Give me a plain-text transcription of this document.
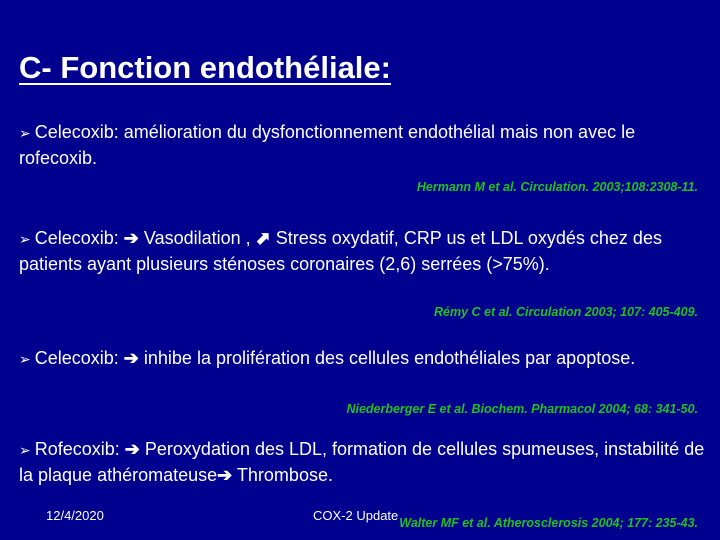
C- Fonction endothéliale:
➢ Celecoxib: amélioration du dysfonctionnement endothélial mais non avec le rofecoxib.
Hermann M et al. Circulation. 2003;108:2308-11.
➢ Celecoxib: ➔ Vasodilation , ⬈ Stress oxydatif, CRP us et LDL oxydés chez des patients ayant plusieurs sténoses coronaires (2,6) serrées (>75%).
Rémy C et al. Circulation 2003; 107: 405-409.
➢ Celecoxib: ➔ inhibe la prolifération des cellules endothéliales par apoptose.
Niederberger E et al. Biochem. Pharmacol 2004; 68: 341-50.
➢ Rofecoxib: ➔ Peroxydation des LDL, formation de cellules spumeuses, instabilité de la plaque athéromateuse➔ Thrombose.
12/4/2020	COX-2 Update Walter MF et al. Atherosclerosis 2004; 177: 235-43.
